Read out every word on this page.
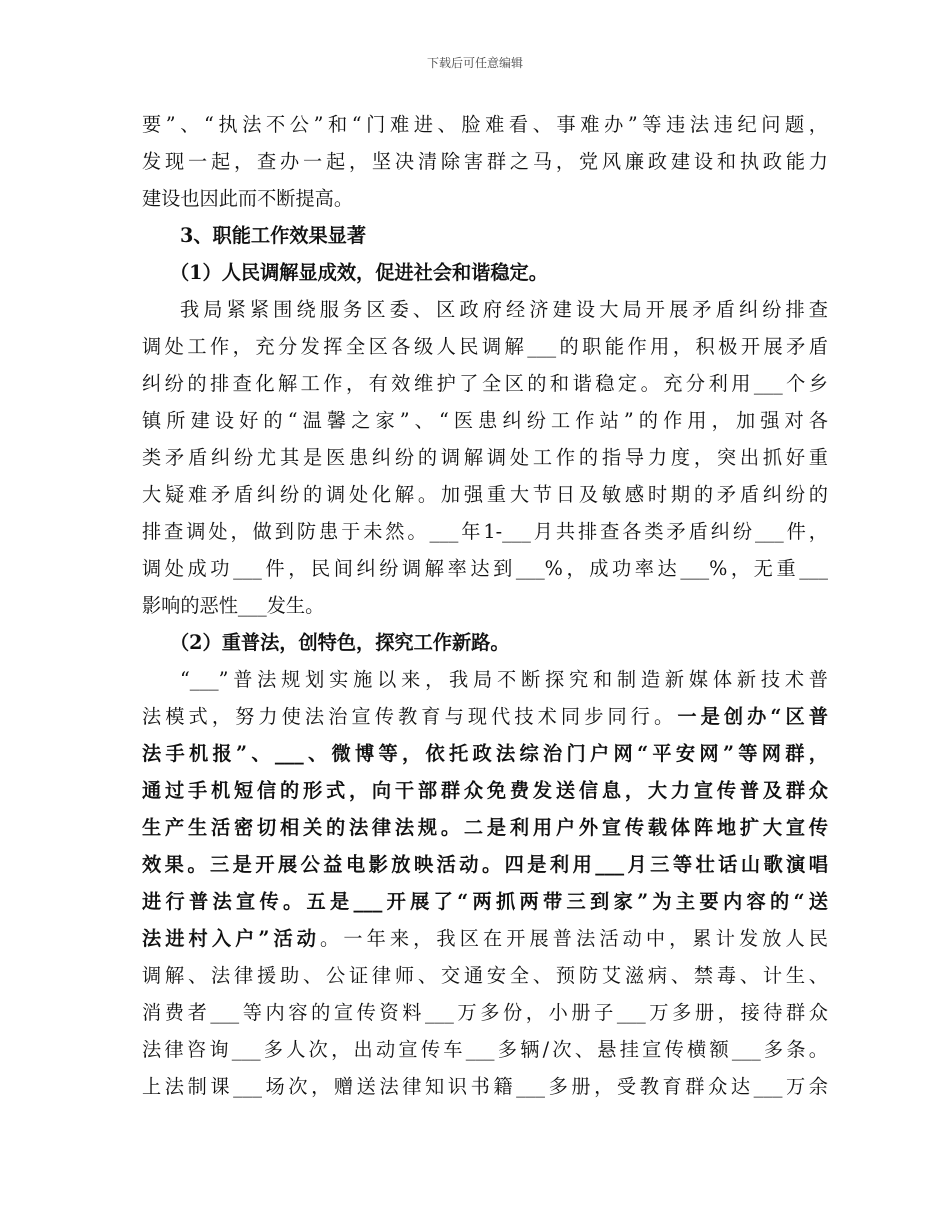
下载后可任意编辑
要”、“执法不公”和“门难进、脸难看、事难办”等违法违纪问题，
发现一起，查办一起，坚决清除害群之马，党风廉政建设和执政能力
建设也因此而不断提高。
3、职能工作效果显著
（1）人民调解显成效，促进社会和谐稳定。
我局紧紧围绕服务区委、区政府经济建设大局开展矛盾纠纷排查
调处工作，充分发挥全区各级人民调解___的职能作用，积极开展矛盾
纠纷的排查化解工作，有效维护了全区的和谐稳定。充分利用___个乡
镇所建设好的“温馨之家”、“医患纠纷工作站”的作用，加强对各
类矛盾纠纷尤其是医患纠纷的调解调处工作的指导力度，突出抓好重
大疑难矛盾纠纷的调处化解。加强重大节日及敏感时期的矛盾纠纷的
排查调处，做到防患于未然。___年1-___月共排查各类矛盾纠纷___件，
调处成功___件，民间纠纷调解率达到___%，成功率达___%，无重___
影响的恶性___发生。
（2）重普法，创特色，探究工作新路。
“___”普法规划实施以来，我局不断探究和制造新媒体新技术普
法模式，努力使法治宣传教育与现代技术同步同行。一是创办“区普
法手机报”、___、微博等，依托政法综治门户网“平安网”等网群，
通过手机短信的形式，向干部群众免费发送信息，大力宣传普及群众
生产生活密切相关的法律法规。二是利用户外宣传载体阵地扩大宣传
效果。三是开展公益电影放映活动。四是利用___月三等壮话山歌演唱
进行普法宣传。五是___开展了“两抓两带三到家”为主要内容的“送
法进村入户”活动。一年来，我区在开展普法活动中，累计发放人民
调解、法律援助、公证律师、交通安全、预防艾滋病、禁毒、计生、
消费者___等内容的宣传资料___万多份，小册子___万多册，接待群众
法律咨询___多人次，出动宣传车___多辆/次、悬挂宣传横额___多条。
上法制课___场次，赠送法律知识书籍___多册，受教育群众达___万余
